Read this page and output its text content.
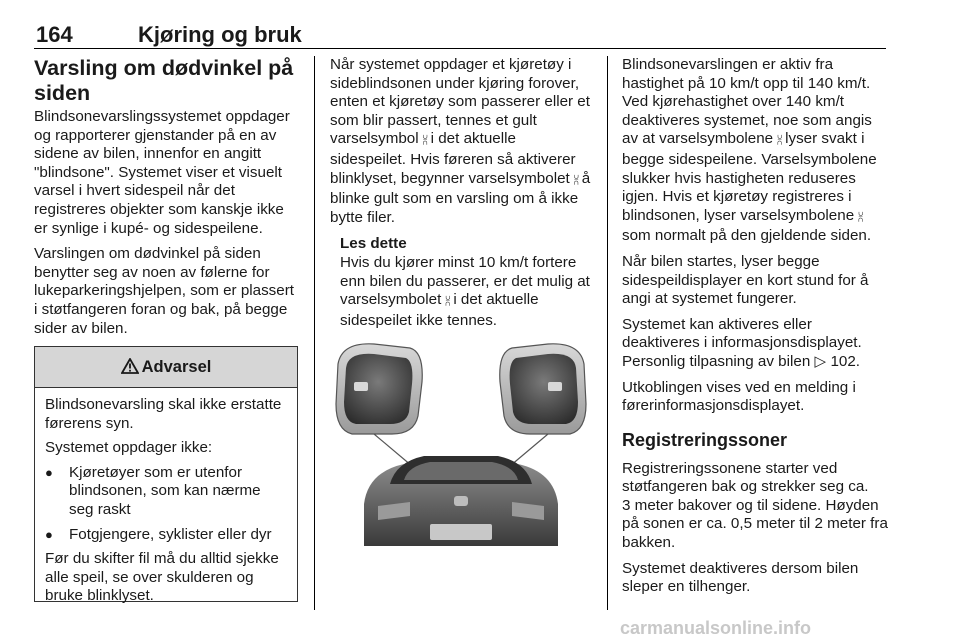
164	Kjøring og bruk
Varsling om dødvinkel på siden

Blindsonevarslingssystemet oppdager og rapporterer gjenstander på en av sidene av bilen, innenfor en angitt "blindsone". Systemet viser et visuelt varsel i hvert sidespeil når det registreres objekter som kanskje ikke er synlige i kupé- og sidespeilene.

Varslingen om dødvinkel på siden benytter seg av noen av følerne for lukeparkeringshjelpen, som er plassert i støtfangeren foran og bak, på begge sider av bilen.

Advarsel

Blindsonevarsling skal ikke erstatte førerens syn.

Systemet oppdager ikke:

● Kjøretøyer som er utenfor blindsonen, som kan nærme seg raskt
● Fotgjengere, syklister eller dyr

Før du skifter fil må du alltid sjekke alle speil, se over skulderen og bruke blinklyset.

Når systemet oppdager et kjøretøy i sideblindsonen under kjøring forover, enten et kjøretøy som passerer eller et som blir passert, tennes et gult varselsymbol ⩈ i det aktuelle sidespeilet. Hvis føreren så aktiverer blinklyset, begynner varselsymbolet ⩈ å blinke gult som en varsling om å ikke bytte filer.

Les dette
Hvis du kjører minst 10 km/t fortere enn bilen du passerer, er det mulig at varselsymbolet ⩈ i det aktuelle sidespeilet ikke tennes.

Blindsonevarslingen er aktiv fra hastighet på 10 km/t opp til 140 km/t. Ved kjørehastighet over 140 km/t deaktiveres systemet, noe som angis av at varselsymbolene ⩈ lyser svakt i begge sidespeilene. Varselsymbolene slukker hvis hastigheten reduseres igjen. Hvis et kjøretøy registreres i blindsonen, lyser varselsymbolene ⩈ som normalt på den gjeldende siden.

Når bilen startes, lyser begge sidespeildisplayer en kort stund for å angi at systemet fungerer.

Systemet kan aktiveres eller deaktiveres i informasjonsdisplayet.
Personlig tilpasning av bilen ▷ 102.

Utkoblingen vises ved en melding i førerinformasjonsdisplayet.

Registreringssoner

Registreringssonene starter ved støtfangeren bak og strekker seg ca.
3 meter bakover og til sidene. Høyden på sonen er ca. 0,5 meter til 2 meter fra bakken.

Systemet deaktiveres dersom bilen sleper en tilhenger.

carmanualsonline.info
